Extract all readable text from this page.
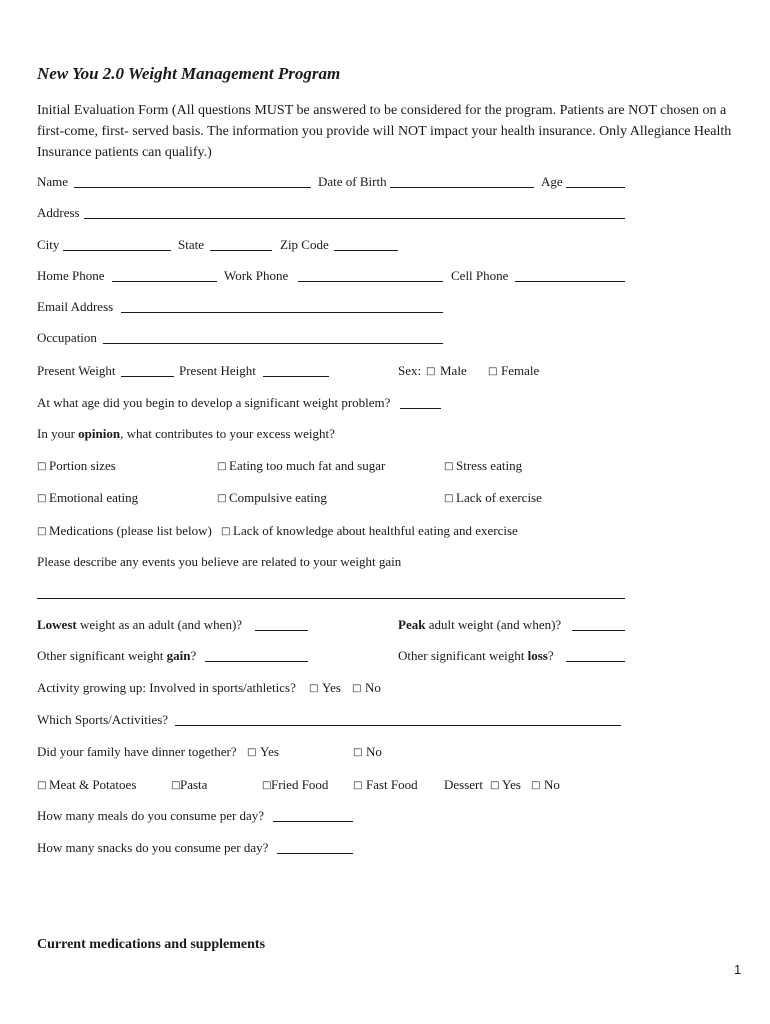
New You 2.0 Weight Management Program
Initial Evaluation Form (All questions MUST be answered to be considered for the program. Patients are NOT chosen on a first-come, first- served basis. The information you provide will NOT impact your health insurance. Only Allegiance Health Insurance patients can qualify.)
Name	Date of Birth	Age
Address
City	State	Zip Code
Home Phone	Work Phone	Cell Phone
Email Address
Occupation
Present Weight	Present Height	Sex: □ Male □ Female
At what age did you begin to develop a significant weight problem?
In your opinion, what contributes to your excess weight?
□ Portion sizes	□ Eating too much fat and sugar	□ Stress eating
□ Emotional eating	□ Compulsive eating	□ Lack of exercise
□ Medications (please list below) □ Lack of knowledge about healthful eating and exercise
Please describe any events you believe are related to your weight gain
Lowest weight as an adult (and when)?	Peak adult weight (and when)?
Other significant weight gain?	Other significant weight loss?
Activity growing up: Involved in sports/athletics? □ Yes □ No
Which Sports/Activities?
Did your family have dinner together? □ Yes	□ No
□ Meat & Potatoes	□ Pasta	□ Fried Food □ Fast Food Dessert □ Yes □ No
How many meals do you consume per day?
How many snacks do you consume per day?
Current medications and supplements
1
